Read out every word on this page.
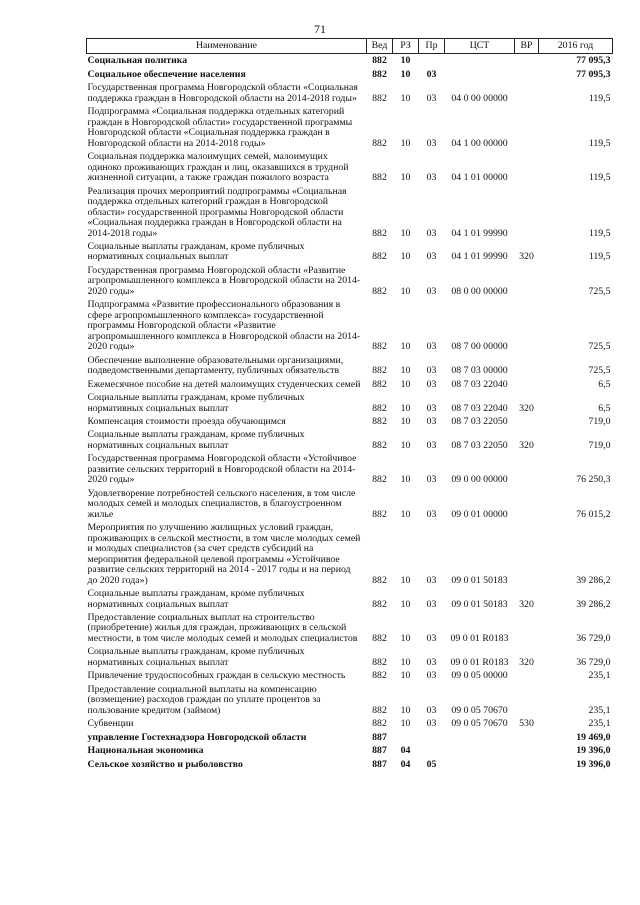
71
Наименование	Вед	РЗ	Пр	ЦСТ	ВР	2016 год
Социальная политика	882	10				77 095,3
Социальное обеспечение населения	882	10	03			77 095,3
Государственная программа Новгородской области «Социальная поддержка граждан в Новгородской области на 2014-2018 годы»	882	10	03	04 0 00 00000		119,5
Подпрограмма «Социальная поддержка отдельных категорий граждан в Новгородской области» государственной программы Новгородской области «Социальная поддержка граждан в Новгородской области на 2014-2018 годы»	882	10	03	04 1 00 00000		119,5
Социальная поддержка малоимущих семей, малоимущих одиноко проживающих граждан и лиц, оказавшихся в трудной жизненной ситуации, а также граждан пожилого возраста	882	10	03	04 1 01 00000		119,5
Реализация прочих мероприятий подпрограммы «Социальная поддержка отдельных категорий граждан в Новгородской области» государственной программы Новгородской области «Социальная поддержка граждан в Новгородской области на 2014-2018 годы»	882	10	03	04 1 01 99990		119,5
Социальные выплаты гражданам, кроме публичных нормативных социальных выплат	882	10	03	04 1 01 99990	320	119,5
Государственная программа Новгородской области «Развитие агропромышленного комплекса в Новгородской области на 2014-2020 годы»	882	10	03	08 0 00 00000		725,5
Подпрограмма «Развитие профессионального образования в сфере агропромышленного комплекса» государственной программы Новгородской области «Развитие агропромышленного комплекса в Новгородской области на 2014-2020 годы»	882	10	03	08 7 00 00000		725,5
Обеспечение выполнение образовательными организациями, подведомственными департаменту, публичных обязательств	882	10	03	08 7 03 00000		725,5
Ежемесячное пособие на детей малоимущих студенческих семей	882	10	03	08 7 03 22040		6,5
Социальные выплаты гражданам, кроме публичных нормативных социальных выплат	882	10	03	08 7 03 22040	320	6,5
Компенсация стоимости проезда обучающимся	882	10	03	08 7 03 22050		719,0
Социальные выплаты гражданам, кроме публичных нормативных социальных выплат	882	10	03	08 7 03 22050	320	719,0
Государственная программа Новгородской области «Устойчивое развитие сельских территорий в Новгородской области на 2014-2020 годы»	882	10	03	09 0 00 00000		76 250,3
Удовлетворение потребностей сельского населения, в том числе молодых семей и молодых специалистов, в благоустроенном жилье	882	10	03	09 0 01 00000		76 015,2
Мероприятия по улучшению жилищных условий граждан, проживающих в сельской местности, в том числе молодых семей и молодых специалистов (за счет средств субсидий на мероприятия федеральной целевой программы «Устойчивое развитие сельских территорий на 2014 - 2017 годы и на период до 2020 года»)	882	10	03	09 0 01 50183		39 286,2
Социальные выплаты гражданам, кроме публичных нормативных социальных выплат	882	10	03	09 0 01 50183	320	39 286,2
Предоставление социальных выплат на строительство (приобретение) жилья для граждан, проживающих в сельской местности, в том числе молодых семей и молодых специалистов	882	10	03	09 0 01 R0183		36 729,0
Социальные выплаты гражданам, кроме публичных нормативных социальных выплат	882	10	03	09 0 01 R0183	320	36 729,0
Привлечение трудоспособных граждан в сельскую местность	882	10	03	09 0 05 00000		235,1
Предоставление социальной выплаты на компенсацию (возмещение) расходов граждан по уплате процентов за пользование кредитом (займом)	882	10	03	09 0 05 70670		235,1
Субвенции	882	10	03	09 0 05 70670	530	235,1
управление Гостехнадзора Новгородской области	887					19 469,0
Национальная экономика	887	04				19 396,0
Сельское хозяйство и рыболовство	887	04	05			19 396,0
